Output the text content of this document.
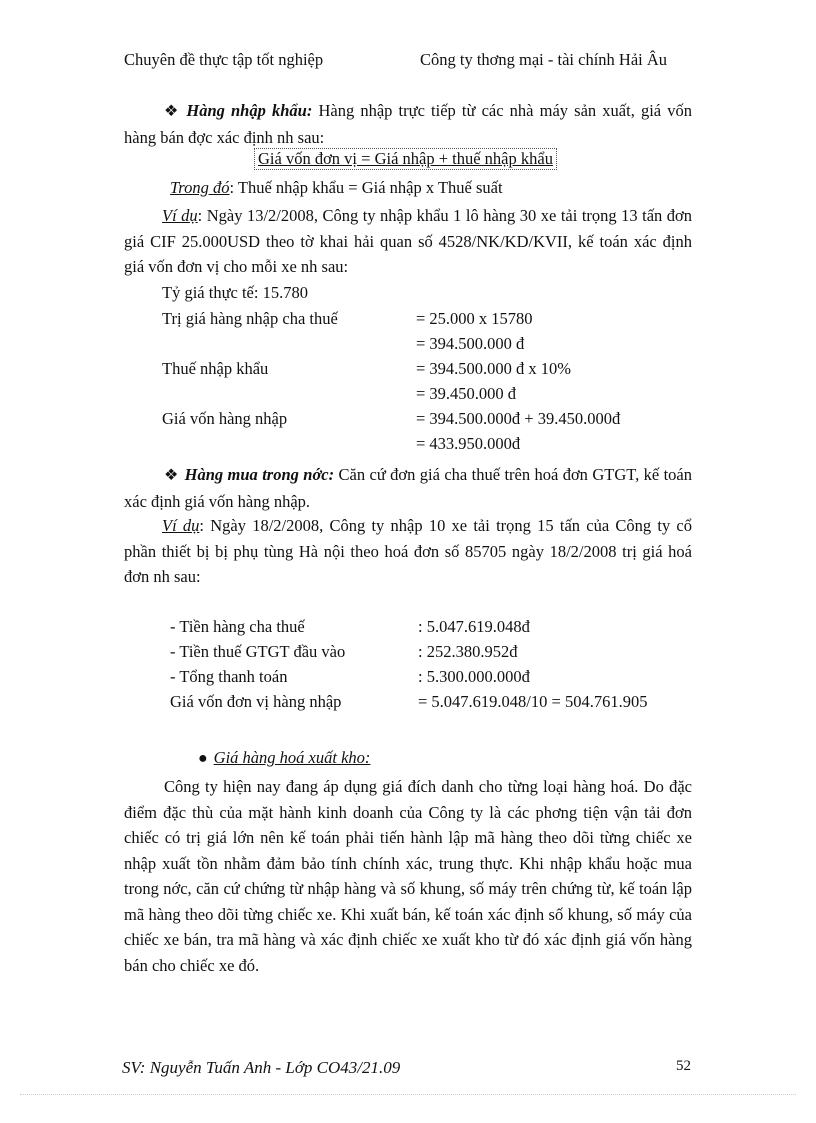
Chuyên đề thực tập tốt nghiệp	Công ty thơng mại - tài chính Hải Âu
❖ Hàng nhập khẩu: Hàng nhập trực tiếp từ các nhà máy sản xuất, giá vốn hàng bán đợc xác định nh sau:
Giá vốn đơn vị = Giá nhập + thuế nhập khẩu
Trong đó: Thuế nhập khẩu = Giá nhập x Thuế suất
Ví dụ: Ngày 13/2/2008, Công ty nhập khẩu 1 lô hàng 30 xe tải trọng 13 tấn đơn giá CIF 25.000USD theo tờ khai hải quan số 4528/NK/KD/KVII, kế toán xác định giá vốn đơn vị cho mỗi xe nh sau:
Tỷ giá thực tế: 15.780
Trị giá hàng nhập cha thuế	= 25.000 x 15780
= 394.500.000 đ
Thuế nhập khẩu	= 394.500.000 đ x 10%
= 39.450.000 đ
Giá vốn hàng nhập	= 394.500.000đ + 39.450.000đ
= 433.950.000đ
❖ Hàng mua trong nớc: Căn cứ đơn giá cha thuế trên hoá đơn GTGT, kế toán xác định giá vốn hàng nhập.
Ví dụ: Ngày 18/2/2008, Công ty nhập 10 xe tải trọng 15 tấn của Công ty cổ phần thiết bị bị phụ tùng Hà nội theo hoá đơn số 85705 ngày 18/2/2008 trị giá hoá đơn nh sau:
- Tiền hàng cha thuế	: 5.047.619.048đ
- Tiền thuế GTGT đầu vào	: 252.380.952đ
- Tổng thanh toán	: 5.300.000.000đ
Giá vốn đơn vị hàng nhập	= 5.047.619.048/10 = 504.761.905
● Giá hàng hoá xuất kho:
Công ty hiện nay đang áp dụng giá đích danh cho từng loại hàng hoá. Do đặc điểm đặc thù của mặt hành kinh doanh của Công ty là các phơng tiện vận tải đơn chiếc có trị giá lớn nên kế toán phải tiến hành lập mã hàng theo dõi từng chiếc xe nhập xuất tồn nhằm đảm bảo tính chính xác, trung thực. Khi nhập khẩu hoặc mua trong nớc, căn cứ chứng từ nhập hàng và số khung, số máy trên chứng từ, kế toán lập mã hàng theo dõi từng chiếc xe. Khi xuất bán, kế toán xác định số khung, số máy của chiếc xe bán, tra mã hàng và xác định chiếc xe xuất kho từ đó xác định giá vốn hàng bán cho chiếc xe đó.
SV: Nguyễn Tuấn Anh - Lớp CO43/21.09	52
